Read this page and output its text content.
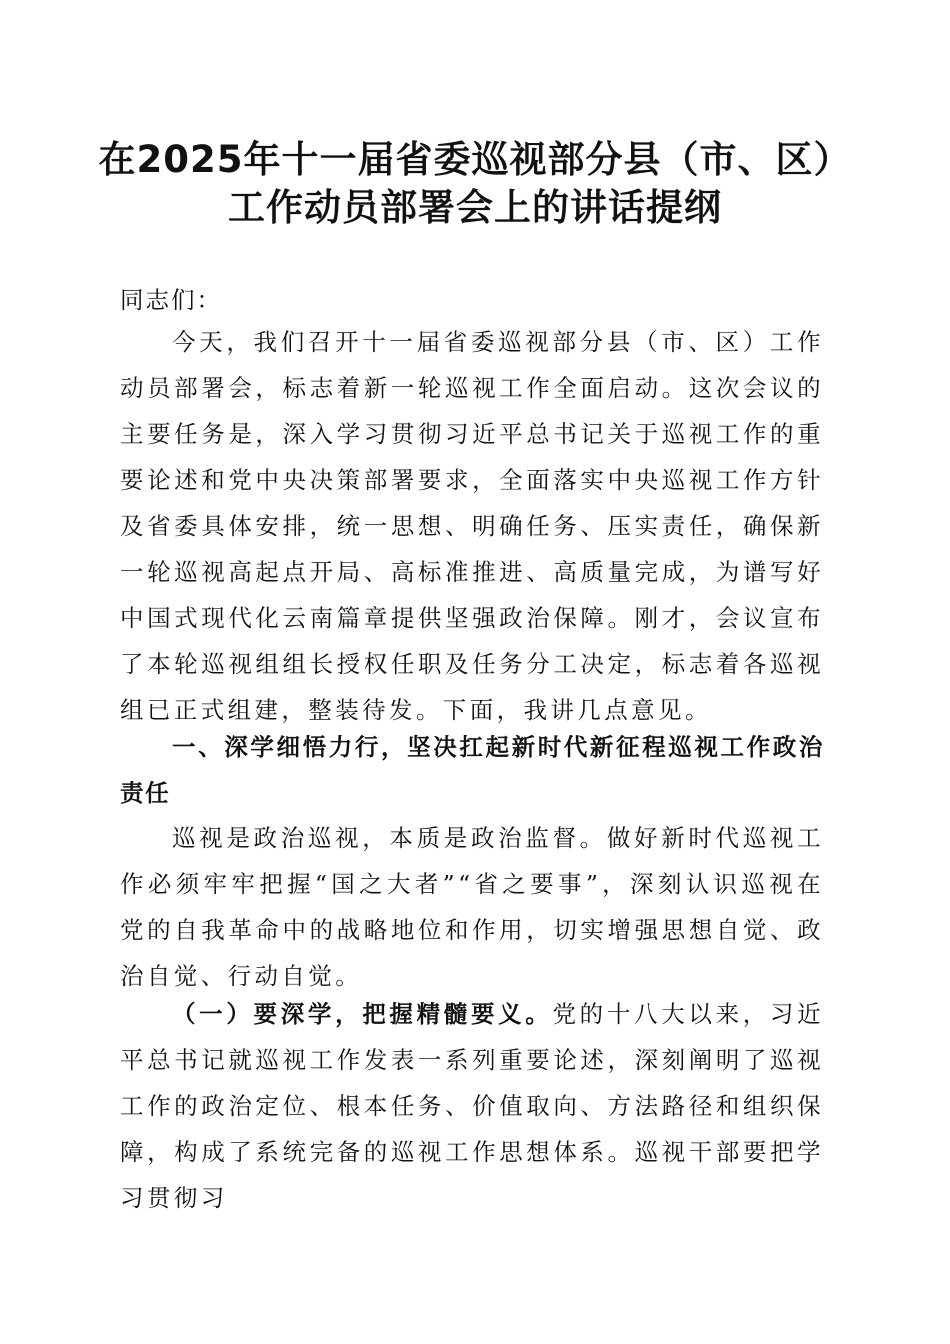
在2025年十一届省委巡视部分县（市、区）
工作动员部署会上的讲话提纲

同志们：

今天，我们召开十一届省委巡视部分县（市、区）工作动员部署会，标志着新一轮巡视工作全面启动。这次会议的主要任务是，深入学习贯彻习近平总书记关于巡视工作的重要论述和党中央决策部署要求，全面落实中央巡视工作方针及省委具体安排，统一思想、明确任务、压实责任，确保新一轮巡视高起点开局、高标准推进、高质量完成，为谱写好中国式现代化云南篇章提供坚强政治保障。刚才，会议宣布了本轮巡视组组长授权任职及任务分工决定，标志着各巡视组已正式组建，整装待发。下面，我讲几点意见。

一、深学细悟力行，坚决扛起新时代新征程巡视工作政治责任

巡视是政治巡视，本质是政治监督。做好新时代巡视工作必须牢牢把握“国之大者”“省之要事”，深刻认识巡视在党的自我革命中的战略地位和作用，切实增强思想自觉、政治自觉、行动自觉。

（一）要深学，把握精髓要义。党的十八大以来，习近平总书记就巡视工作发表一系列重要论述，深刻阐明了巡视工作的政治定位、根本任务、价值取向、方法路径和组织保障，构成了系统完备的巡视工作思想体系。巡视干部要把学习贯彻习
